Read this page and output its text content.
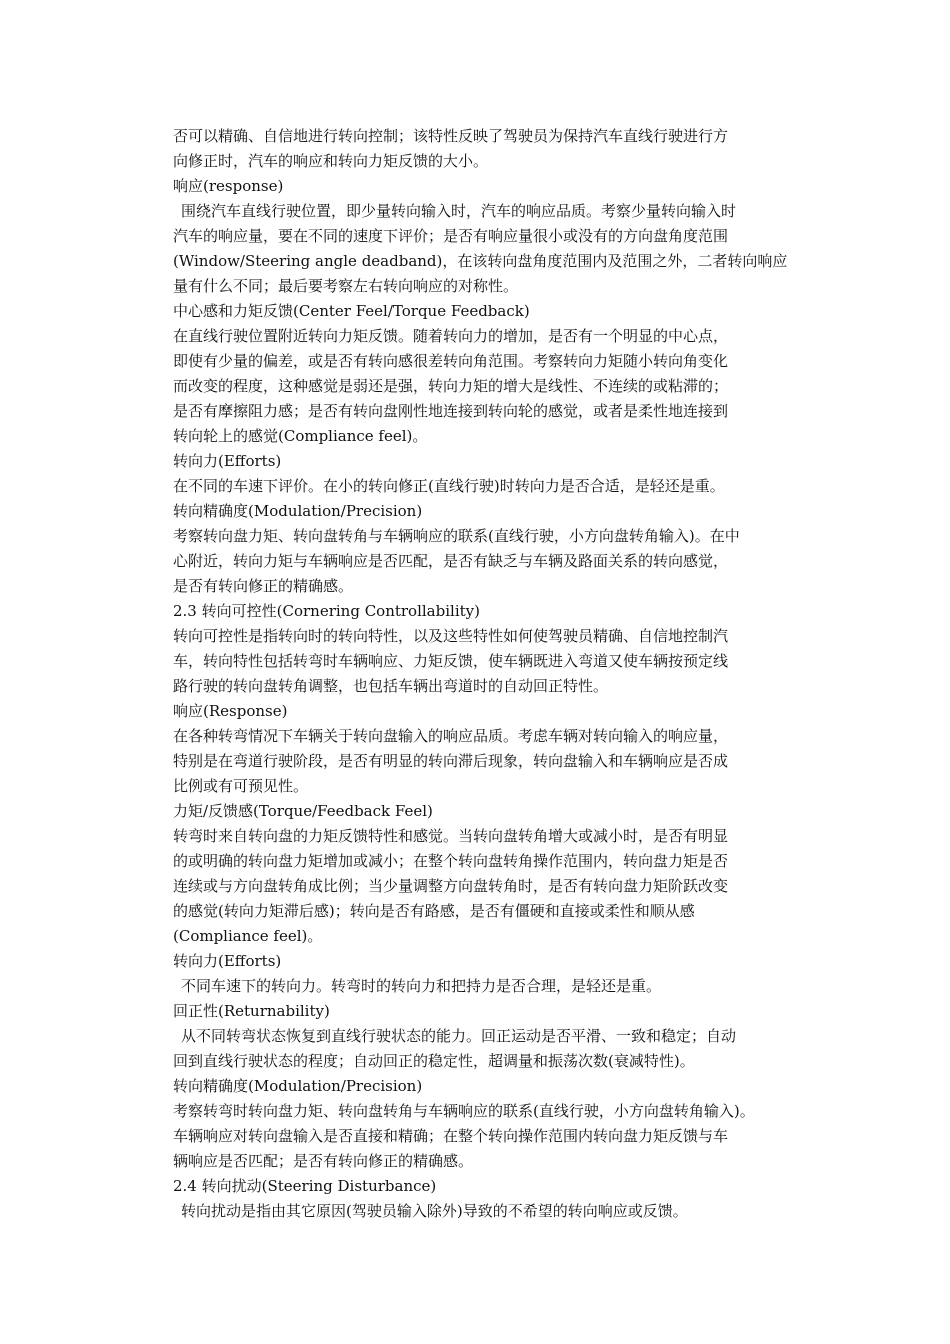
否可以精确、自信地进行转向控制；该特性反映了驾驶员为保持汽车直线行驶进行方
向修正时，汽车的响应和转向力矩反馈的大小。
响应(response)
围绕汽车直线行驶位置，即少量转向输入时，汽车的响应品质。考察少量转向输入时
汽车的响应量，要在不同的速度下评价；是否有响应量很小或没有的方向盘角度范围
(Window/Steering angle deadband)，在该转向盘角度范围内及范围之外，二者转向响应
量有什么不同；最后要考察左右转向响应的对称性。
中心感和力矩反馈(Center Feel/Torque Feedback)
在直线行驶位置附近转向力矩反馈。随着转向力的增加，是否有一个明显的中心点，
即使有少量的偏差，或是否有转向感很差转向角范围。考察转向力矩随小转向角变化
而改变的程度，这种感觉是弱还是强，转向力矩的增大是线性、不连续的或粘滞的；
是否有摩擦阻力感；是否有转向盘刚性地连接到转向轮的感觉，或者是柔性地连接到
转向轮上的感觉(Compliance feel)。
转向力(Efforts)
在不同的车速下评价。在小的转向修正(直线行驶)时转向力是否合适，是轻还是重。
转向精确度(Modulation/Precision)
考察转向盘力矩、转向盘转角与车辆响应的联系(直线行驶，小方向盘转角输入)。在中
心附近，转向力矩与车辆响应是否匹配，是否有缺乏与车辆及路面关系的转向感觉，
是否有转向修正的精确感。
2.3 转向可控性(Cornering Controllability)
转向可控性是指转向时的转向特性，以及这些特性如何使驾驶员精确、自信地控制汽
车，转向特性包括转弯时车辆响应、力矩反馈，使车辆既进入弯道又使车辆按预定线
路行驶的转向盘转角调整，也包括车辆出弯道时的自动回正特性。
响应(Response)
在各种转弯情况下车辆关于转向盘输入的响应品质。考虑车辆对转向输入的响应量，
特别是在弯道行驶阶段，是否有明显的转向滞后现象，转向盘输入和车辆响应是否成
比例或有可预见性。
力矩/反馈感(Torque/Feedback Feel)
转弯时来自转向盘的力矩反馈特性和感觉。当转向盘转角增大或减小时，是否有明显
的或明确的转向盘力矩增加或减小；在整个转向盘转角操作范围内，转向盘力矩是否
连续或与方向盘转角成比例；当少量调整方向盘转角时，是否有转向盘力矩阶跃改变
的感觉(转向力矩滞后感)；转向是否有路感，是否有僵硬和直接或柔性和顺从感
(Compliance feel)。
转向力(Efforts)
不同车速下的转向力。转弯时的转向力和把持力是否合理，是轻还是重。
回正性(Returnability)
从不同转弯状态恢复到直线行驶状态的能力。回正运动是否平滑、一致和稳定；自动
回到直线行驶状态的程度；自动回正的稳定性，超调量和振荡次数(衰减特性)。
转向精确度(Modulation/Precision)
考察转弯时转向盘力矩、转向盘转角与车辆响应的联系(直线行驶，小方向盘转角输入)。
车辆响应对转向盘输入是否直接和精确；在整个转向操作范围内转向盘力矩反馈与车
辆响应是否匹配；是否有转向修正的精确感。
2.4 转向扰动(Steering Disturbance)
转向扰动是指由其它原因(驾驶员输入除外)导致的不希望的转向响应或反馈。
